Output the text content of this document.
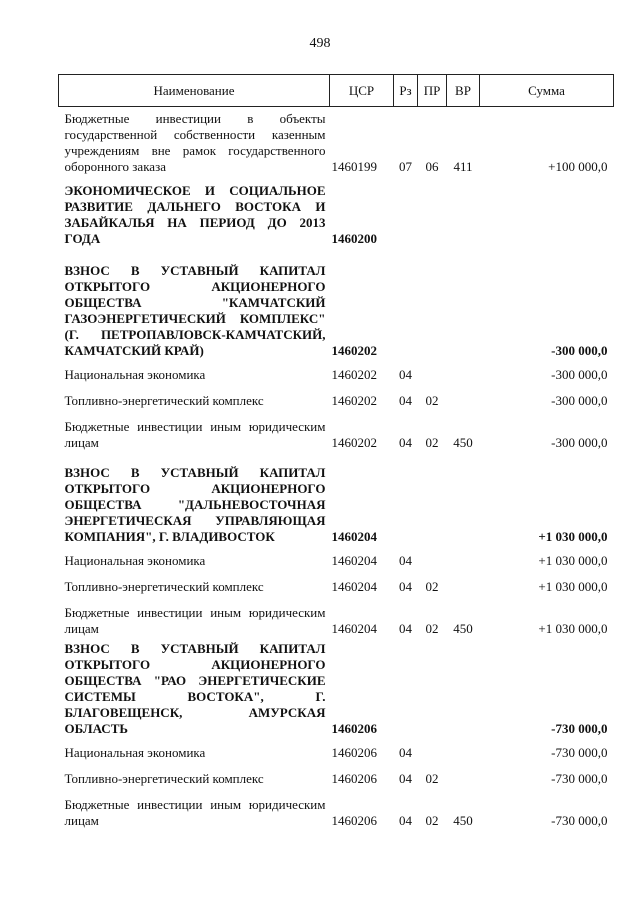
498
Наименование	ЦСР	Рз	ПР	ВР	Сумма
Бюджетные инвестиции в объекты государственной собственности казенным учреждениям вне рамок государственного оборонного заказа	1460199	07	06	411	+100 000,0
ЭКОНОМИЧЕСКОЕ И СОЦИАЛЬНОЕ РАЗВИТИЕ ДАЛЬНЕГО ВОСТОКА И ЗАБАЙКАЛЬЯ НА ПЕРИОД ДО 2013 ГОДА	1460200				
ВЗНОС В УСТАВНЫЙ КАПИТАЛ ОТКРЫТОГО АКЦИОНЕРНОГО ОБЩЕСТВА "КАМЧАТСКИЙ ГАЗОЭНЕРГЕТИЧЕСКИЙ КОМПЛЕКС" (Г. ПЕТРОПАВЛОВСК-КАМЧАТСКИЙ, КАМЧАТСКИЙ КРАЙ)	1460202				-300 000,0
Национальная экономика	1460202	04			-300 000,0
Топливно-энергетический комплекс	1460202	04	02		-300 000,0
Бюджетные инвестиции иным юридическим лицам	1460202	04	02	450	-300 000,0
ВЗНОС В УСТАВНЫЙ КАПИТАЛ ОТКРЫТОГО АКЦИОНЕРНОГО ОБЩЕСТВА "ДАЛЬНЕВОСТОЧНАЯ ЭНЕРГЕТИЧЕСКАЯ УПРАВЛЯЮЩАЯ КОМПАНИЯ", Г. ВЛАДИВОСТОК	1460204				+1 030 000,0
Национальная экономика	1460204	04			+1 030 000,0
Топливно-энергетический комплекс	1460204	04	02		+1 030 000,0
Бюджетные инвестиции иным юридическим лицам	1460204	04	02	450	+1 030 000,0
ВЗНОС В УСТАВНЫЙ КАПИТАЛ ОТКРЫТОГО АКЦИОНЕРНОГО ОБЩЕСТВА "РАО ЭНЕРГЕТИЧЕСКИЕ СИСТЕМЫ ВОСТОКА", Г. БЛАГОВЕЩЕНСК, АМУРСКАЯ ОБЛАСТЬ	1460206				-730 000,0
Национальная экономика	1460206	04			-730 000,0
Топливно-энергетический комплекс	1460206	04	02		-730 000,0
Бюджетные инвестиции иным юридическим лицам	1460206	04	02	450	-730 000,0
